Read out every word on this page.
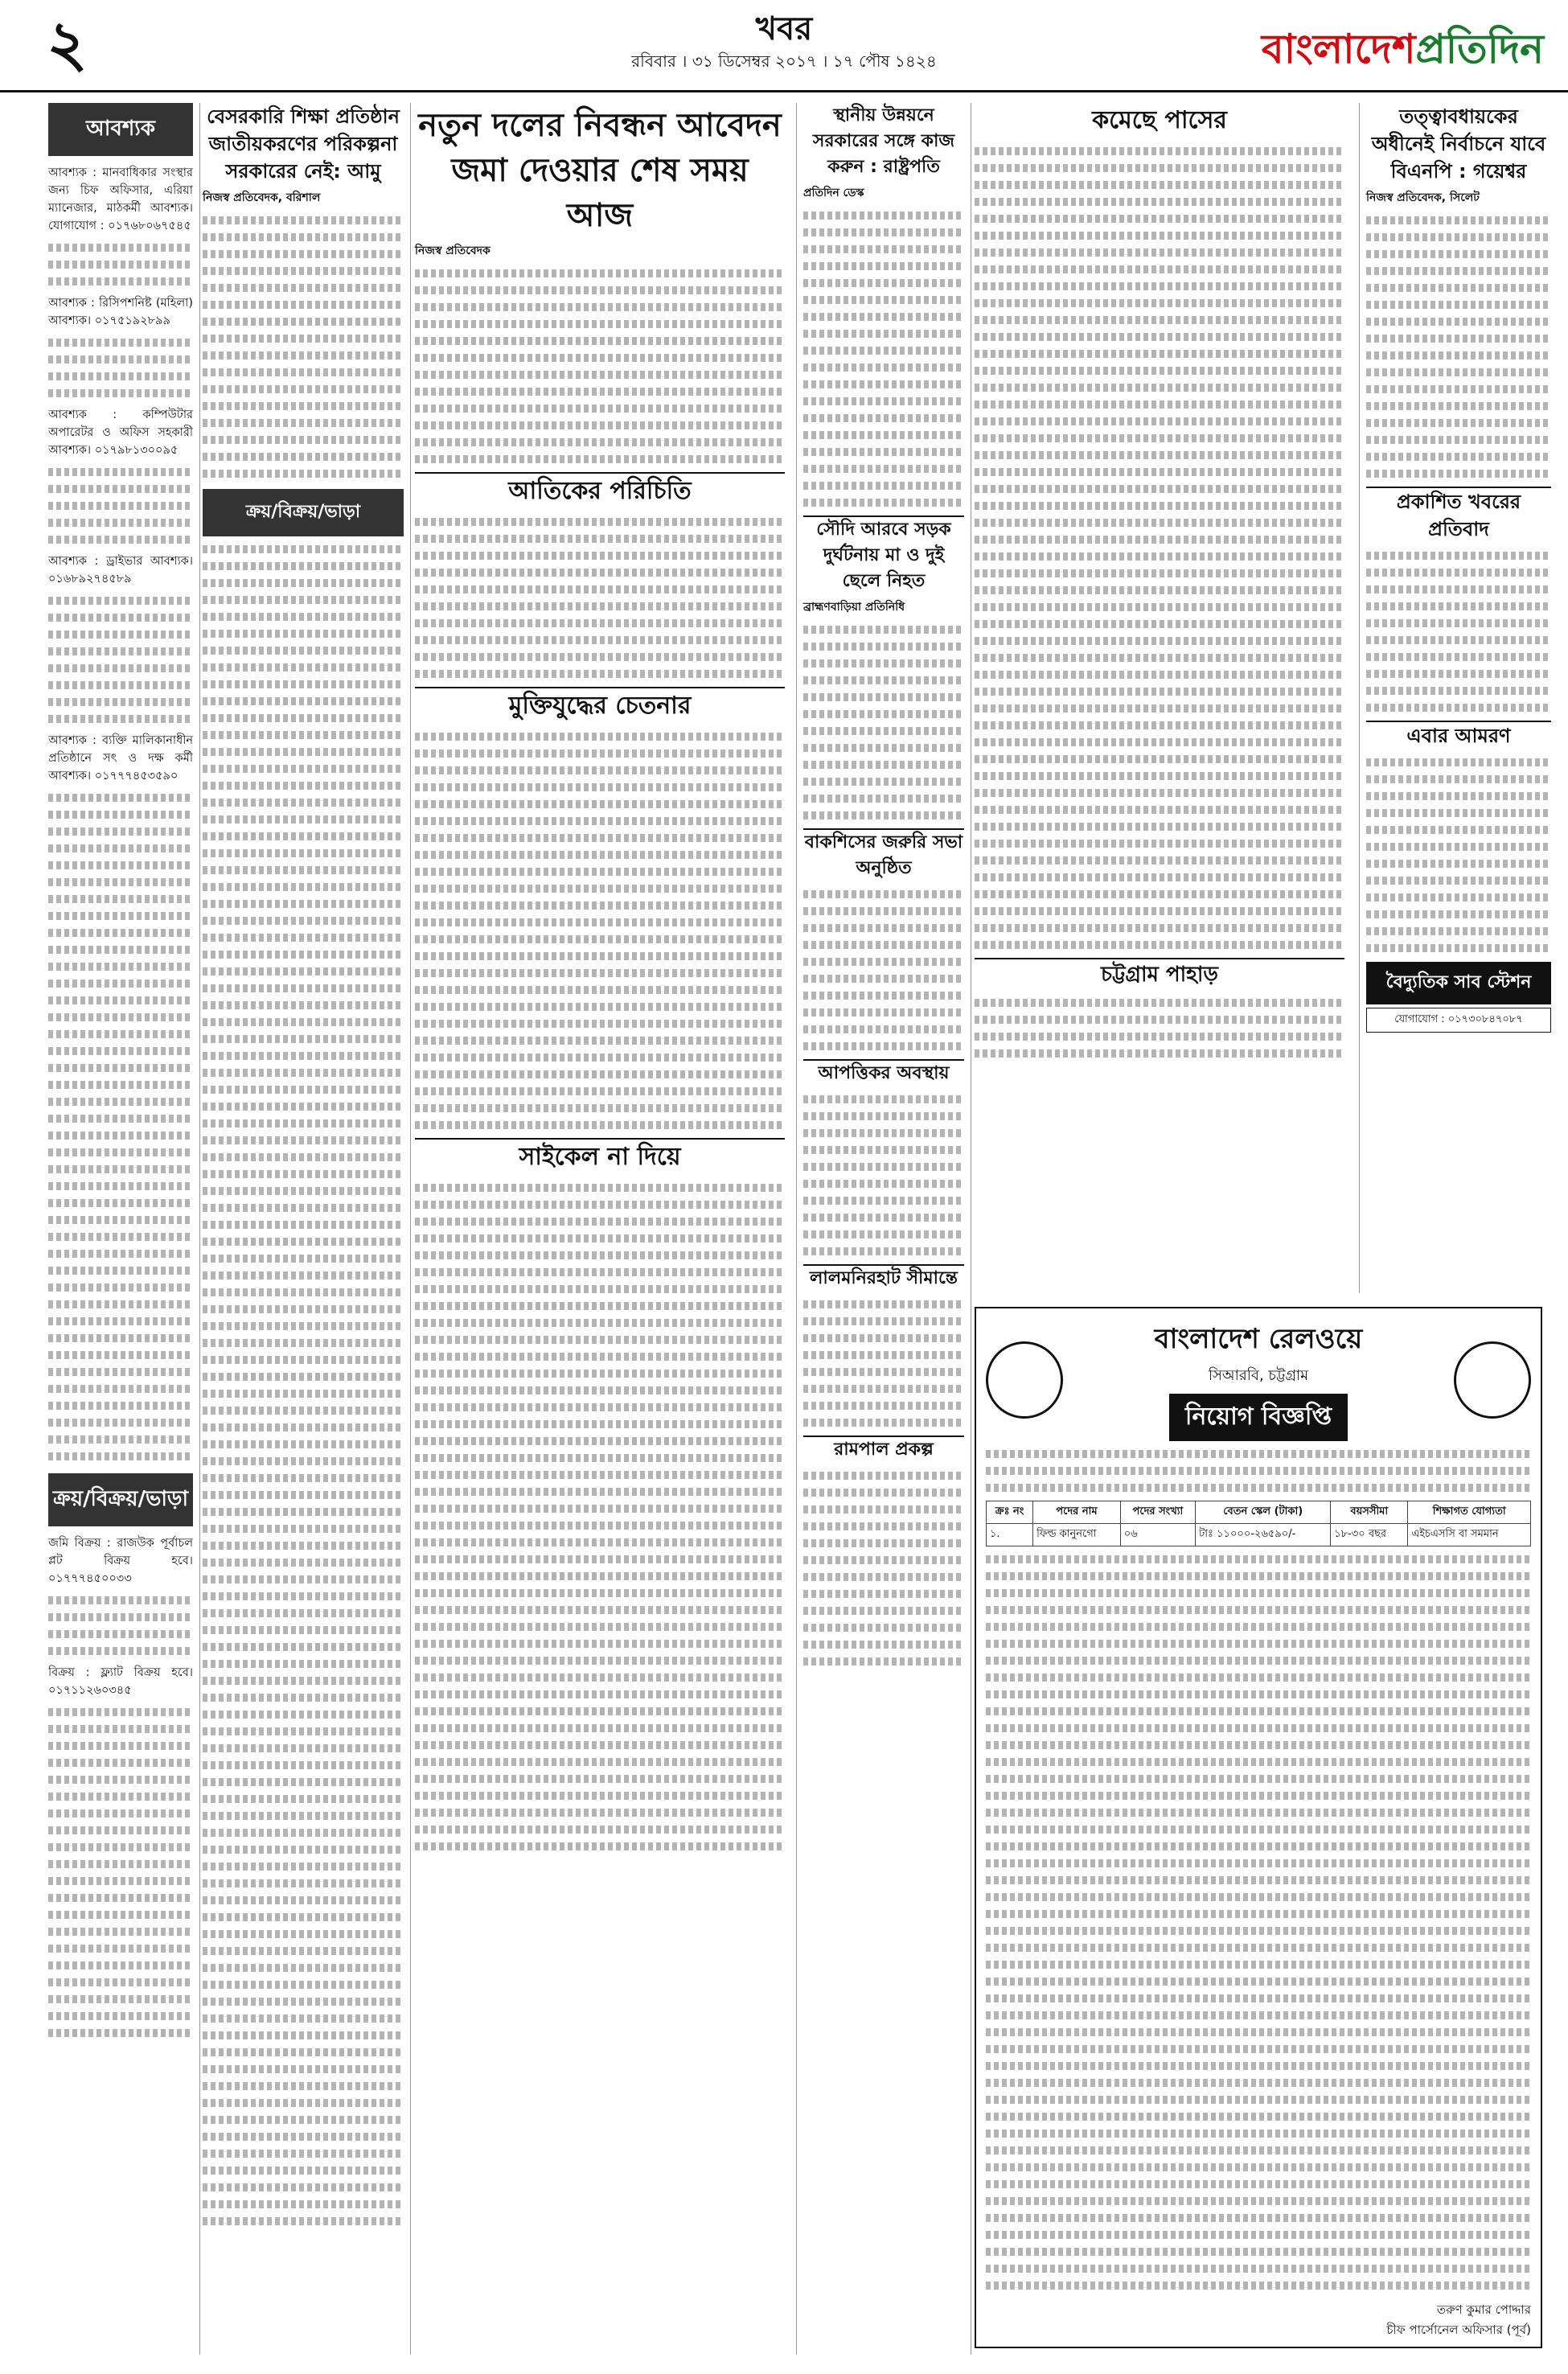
২	খবর
রবিবার । ৩১ ডিসেম্বর ২০১৭ । ১৭ পৌষ ১৪২৪	বাংলাদেশপ্রতিদিন
আবশ্যক

আবশ্যক : মানবাধিকার সংস্থার জন্য চিফ অফিসার, এরিয়া ম্যানেজার, মাঠকর্মী আবশ্যক। যোগাযোগ : ০১৭৬৮০৬৭৫৪৫

আবশ্যক : রিসিপশনিষ্ট (মহিলা) আবশ্যক। ০১৭৫১৯২৮৯৯

আবশ্যক : কম্পিউটার অপারেটর ও অফিস সহকারী আবশ্যক। ০১৭৯৮১৩০০৯৫

আবশ্যক : ড্রাইভার আবশ্যক। ০১৬৮৯২৭৪৫৮৯

আবশ্যক : ব্যক্তি মালিকানাধীন প্রতিষ্ঠানে সৎ ও দক্ষ কর্মী আবশ্যক। ০১৭৭৭৪৫৩৫৯০

ক্রয়/বিক্রয়/ভাড়া

জমি বিক্রয় : রাজউক পূর্বাচল প্লট বিক্রয় হবে। ০১৭৭৭৪৫০০৩৩

বিক্রয় : ফ্ল্যাট বিক্রয় হবে। ০১৭১১২৬০৩৪৫

বেসরকারি শিক্ষা প্রতিষ্ঠান জাতীয়করণের পরিকল্পনা সরকারের নেই: আমু
নিজস্ব প্রতিবেদক, বরিশাল
ক্রয়/বিক্রয়/ভাড়া
নতুন দলের নিবন্ধন আবেদন জমা দেওয়ার শেষ সময় আজ
নিজস্ব প্রতিবেদক
আতিকের পরিচিতি
মুক্তিযুদ্ধের চেতনার
সাইকেল না দিয়ে
স্থানীয় উন্নয়নে সরকারের সঙ্গে কাজ করুন : রাষ্ট্রপতি
প্রতিদিন ডেস্ক
সৌদি আরবে সড়ক দুর্ঘটনায় মা ও দুই ছেলে নিহত
ব্রাহ্মণবাড়িয়া প্রতিনিধি
বাকশিসের জরুরি সভা অনুষ্ঠিত
আপত্তিকর অবস্থায়
লালমনিরহাট সীমান্তে
রামপাল প্রকল্প
কমেছে পাসের
চট্টগ্রাম পাহাড়
তত্ত্বাবধায়কের অধীনেই নির্বাচনে যাবে বিএনপি : গয়েশ্বর
নিজস্ব প্রতিবেদক, সিলেট
প্রকাশিত খবরের প্রতিবাদ
এবার আমরণ
বৈদ্যুতিক সাব স্টেশন
যোগাযোগ : ০১৭৩০৮৪৭০৮৭
বাংলাদেশ রেলওয়ে
সিআরবি, চট্টগ্রাম
নিয়োগ বিজ্ঞপ্তি
ক্রঃ নং	পদের নাম	পদের সংখ্যা	বেতন স্কেল (টাকা)	বয়সসীমা	শিক্ষাগত যোগ্যতা
১.	ফিল্ড কানুনগো	০৬	টাঃ ১১০০০-২৬৫৯০/-	১৮-৩০ বছর	এইচএসসি বা সমমান
তরুণ কুমার পোদ্দার
চীফ পার্সোনেল অফিসার (পূর্ব)
